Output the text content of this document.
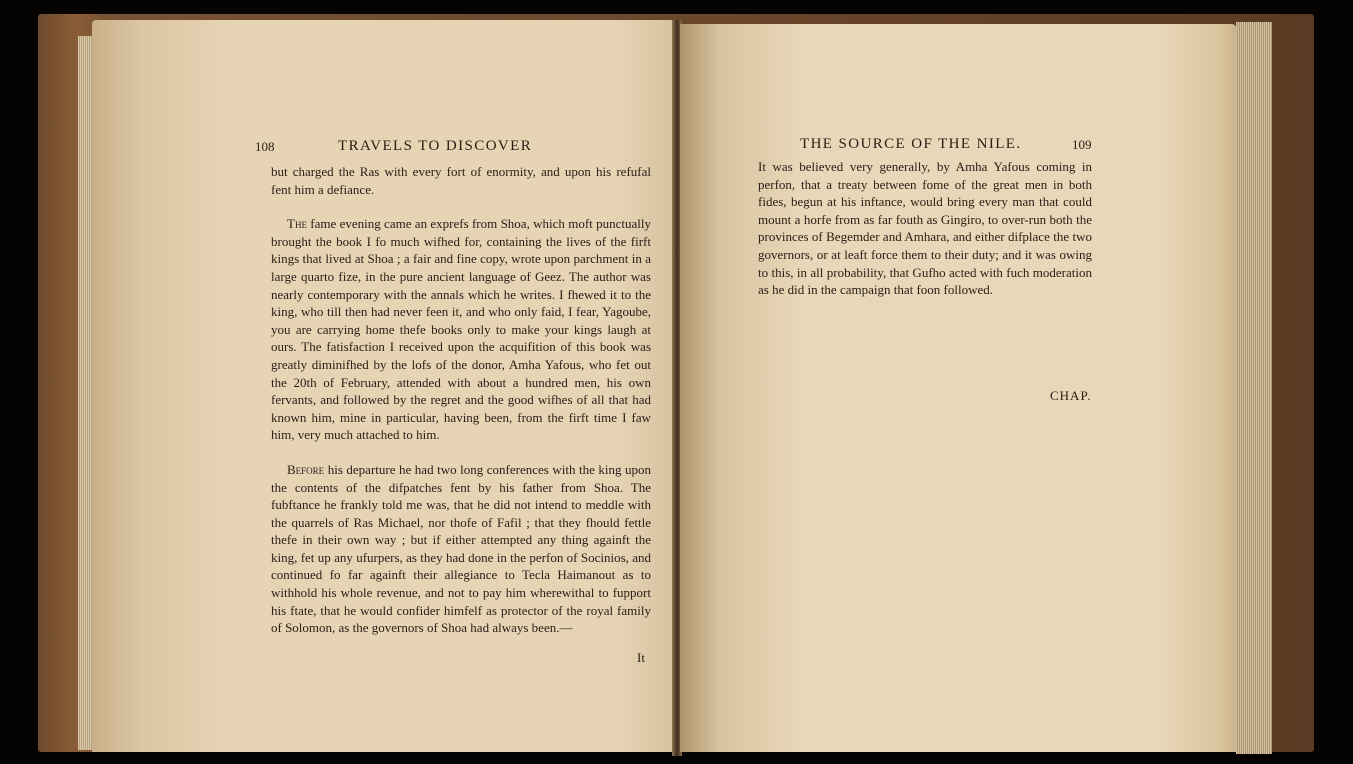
108	TRAVELS TO DISCOVER

but charged the Ras with every fort of enormity, and upon his refufal fent him a defiance.

The fame evening came an exprefs from Shoa, which moft punctually brought the book I fo much wifhed for, containing the lives of the firft kings that lived at Shoa ; a fair and fine copy, wrote upon parchment in a large quarto fize, in the pure ancient language of Geez. The author was nearly contemporary with the annals which he writes. I fhewed it to the king, who till then had never feen it, and who only faid, I fear, Yagoube, you are carrying home thefe books only to make your kings laugh at ours. The fatisfaction I received upon the acquifition of this book was greatly diminifhed by the lofs of the donor, Amha Yafous, who fet out the 20th of February, attended with about a hundred men, his own fervants, and followed by the regret and the good wifhes of all that had known him, mine in particular, having been, from the firft time I faw him, very much attached to him.

Before his departure he had two long conferences with the king upon the contents of the difpatches fent by his father from Shoa. The fubftance he frankly told me was, that he did not intend to meddle with the quarrels of Ras Michael, nor thofe of Fafil ; that they fhould fettle thefe in their own way ; but if either attempted any thing againft the king, fet up any ufurpers, as they had done in the perfon of Socinios, and continued fo far againft their allegiance to Tecla Haimanout as to withhold his whole revenue, and not to pay him wherewithal to fupport his ftate, that he would confider himfelf as protector of the royal family of Solomon, as the governors of Shoa had always been.—

It
THE SOURCE OF THE NILE.	109

It was believed very generally, by Amha Yafous coming in perfon, that a treaty between fome of the great men in both fides, begun at his inftance, would bring every man that could mount a horfe from as far fouth as Gingiro, to over-run both the provinces of Begemder and Amhara, and either difplace the two governors, or at leaft force them to their duty; and it was owing to this, in all probability, that Gufho acted with fuch moderation as he did in the campaign that foon followed.

CHAP.
